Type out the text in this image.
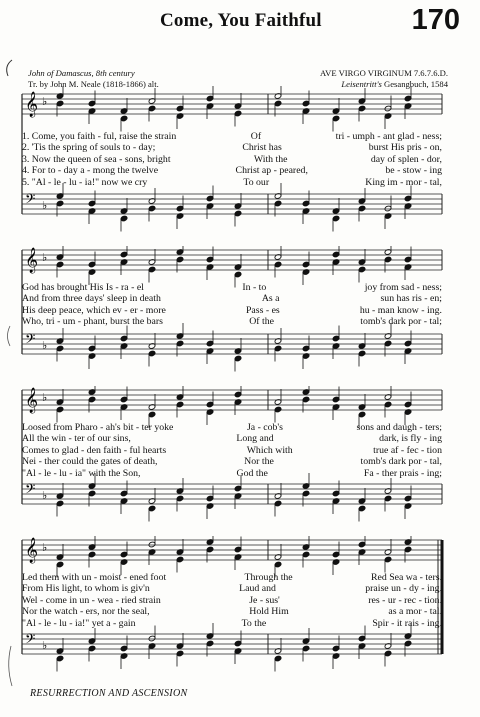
Come, You Faithful	170
John of Damascus, 8th century
Tr. by John M. Neale (1818-1866) alt.
AVE VIRGO VIRGINUM 7.6.7.6.D.
Leisentritt's Gesangbuch, 1584
𝄞 ♭
𝄢 ♭
1. Come, you faith - ful, raise the strain	Of	tri - umph - ant glad - ness;
2. 'Tis the spring of souls to - day;	Christ has	burst His pris - on,
3. Now the queen of sea - sons, bright	With the	day of splen - dor,
4. For to - day a - mong the twelve	Christ ap - peared,	be - stow - ing
5. "Al - le - lu - ia!" now we cry	To our	King im - mor - tal,
𝄞 ♭
𝄢 ♭
God has brought His Is - ra - el	In - to	joy from sad - ness;
And from three days' sleep in death	As a	sun has ris - en;
His deep peace, which ev - er - more	Pass - es	hu - man know - ing.
Who, tri - um - phant, burst the bars	Of the	tomb's dark por - tal;
𝄞 ♭
𝄢 ♭
Loosed from Pharo - ah's bit - ter yoke	Ja - cob's	sons and daugh - ters;
All the win - ter of our sins,	Long and	dark, is fly - ing
Comes to glad - den faith - ful hearts	Which with	true af - fec - tion
Nei - ther could the gates of death,	Nor the	tomb's dark por - tal,
"Al - le - lu - ia" with the Son,	God the	Fa - ther prais - ing;
𝄞 ♭
𝄢 ♭
Led them with un - moist - ened foot	Through the	Red Sea wa - ters.
From His light, to whom is giv'n	Laud and	praise un - dy - ing.
Wel - come in un - wea - ried strain	Je - sus'	res - ur - rec - tion.
Nor the watch - ers, nor the seal,	Hold Him	as a mor - tal.
"Al - le - lu - ia!" yet a - gain	To the	Spir - it rais - ing.
RESURRECTION AND ASCENSION
